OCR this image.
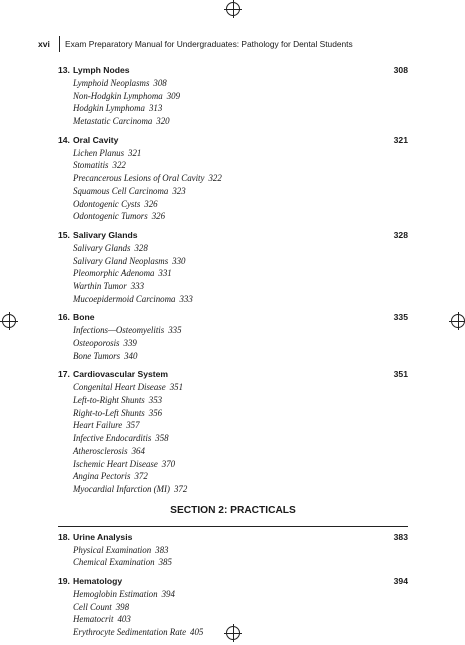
xvi Exam Preparatory Manual for Undergraduates: Pathology for Dental Students
13. Lymph Nodes	308
Lymphoid Neoplasms 308
Non-Hodgkin Lymphoma 309
Hodgkin Lymphoma 313
Metastatic Carcinoma 320
14. Oral Cavity	321
Lichen Planus 321
Stomatitis 322
Precancerous Lesions of Oral Cavity 322
Squamous Cell Carcinoma 323
Odontogenic Cysts 326
Odontogenic Tumors 326
15. Salivary Glands	328
Salivary Glands 328
Salivary Gland Neoplasms 330
Pleomorphic Adenoma 331
Warthin Tumor 333
Mucoepidermoid Carcinoma 333
16. Bone	335
Infections—Osteomyelitis 335
Osteoporosis 339
Bone Tumors 340
17. Cardiovascular System	351
Congenital Heart Disease 351
Left-to-Right Shunts 353
Right-to-Left Shunts 356
Heart Failure 357
Infective Endocarditis 358
Atherosclerosis 364
Ischemic Heart Disease 370
Angina Pectoris 372
Myocardial Infarction (MI) 372
SECTION 2: PRACTICALS
18. Urine Analysis	383
Physical Examination 383
Chemical Examination 385
19. Hematology	394
Hemoglobin Estimation 394
Cell Count 398
Hematocrit 403
Erythrocyte Sedimentation Rate 405
